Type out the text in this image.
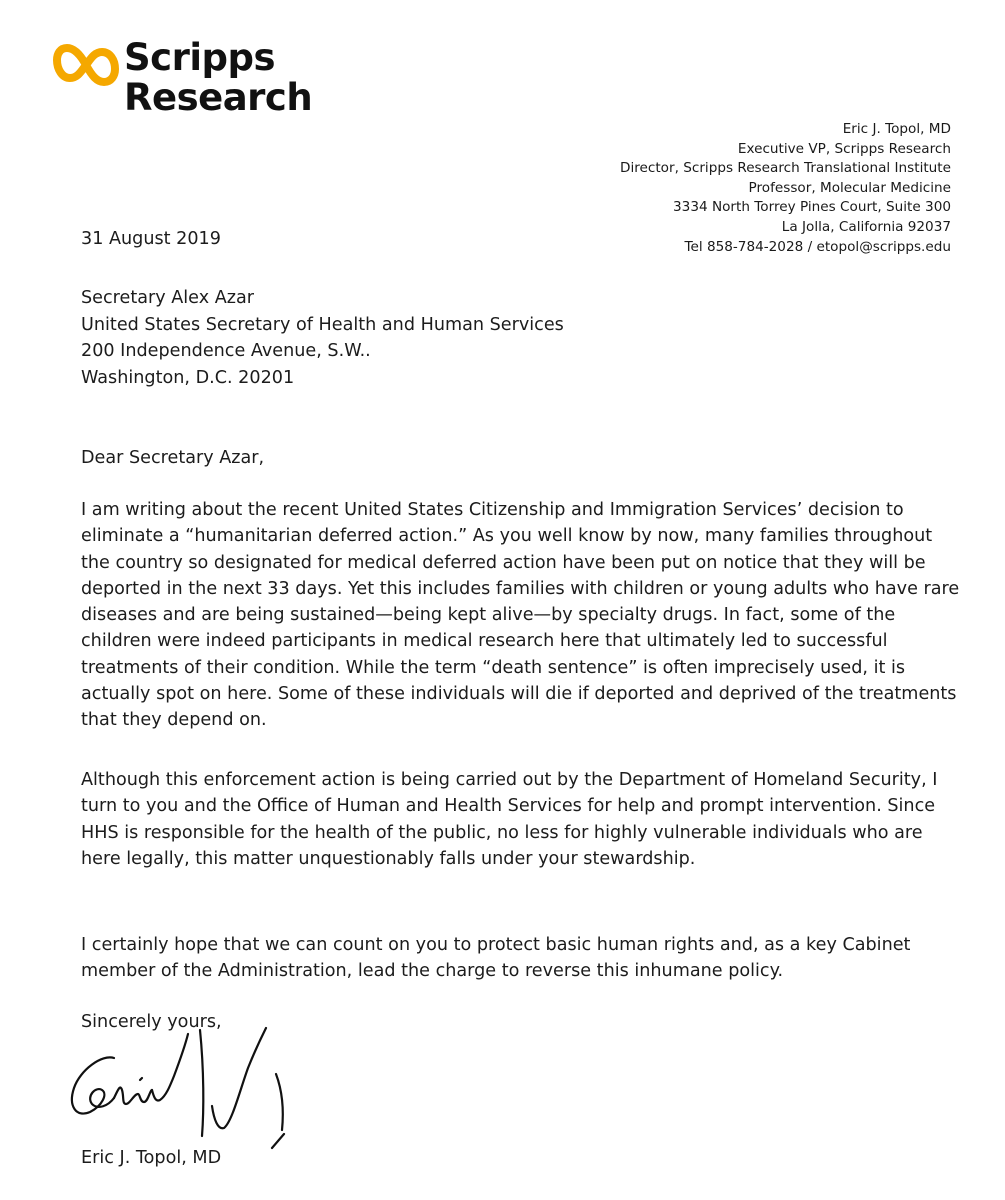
Scripps
Research
Eric J. Topol, MD
Executive VP, Scripps Research
Director, Scripps Research Translational Institute
Professor, Molecular Medicine
3334 North Torrey Pines Court, Suite 300
La Jolla, California 92037
Tel 858-784-2028 / etopol@scripps.edu
31 August 2019
Secretary Alex Azar
United States Secretary of Health and Human Services
200 Independence Avenue, S.W..
Washington, D.C. 20201
Dear Secretary Azar,

I am writing about the recent United States Citizenship and Immigration Services’ decision to eliminate a “humanitarian deferred action.” As you well know by now, many families throughout the country so designated for medical deferred action have been put on notice that they will be deported in the next 33 days. Yet this includes families with children or young adults who have rare diseases and are being sustained—being kept alive—by specialty drugs. In fact, some of the children were indeed participants in medical research here that ultimately led to successful treatments of their condition. While the term “death sentence” is often imprecisely used, it is actually spot on here. Some of these individuals will die if deported and deprived of the treatments that they depend on.

Although this enforcement action is being carried out by the Department of Homeland Security, I turn to you and the Office of Human and Health Services for help and prompt intervention. Since HHS is responsible for the health of the public, no less for highly vulnerable individuals who are here legally, this matter unquestionably falls under your stewardship.

I certainly hope that we can count on you to protect basic human rights and, as a key Cabinet member of the Administration, lead the charge to reverse this inhumane policy.

Sincerely yours,
Eric J. Topol, MD
